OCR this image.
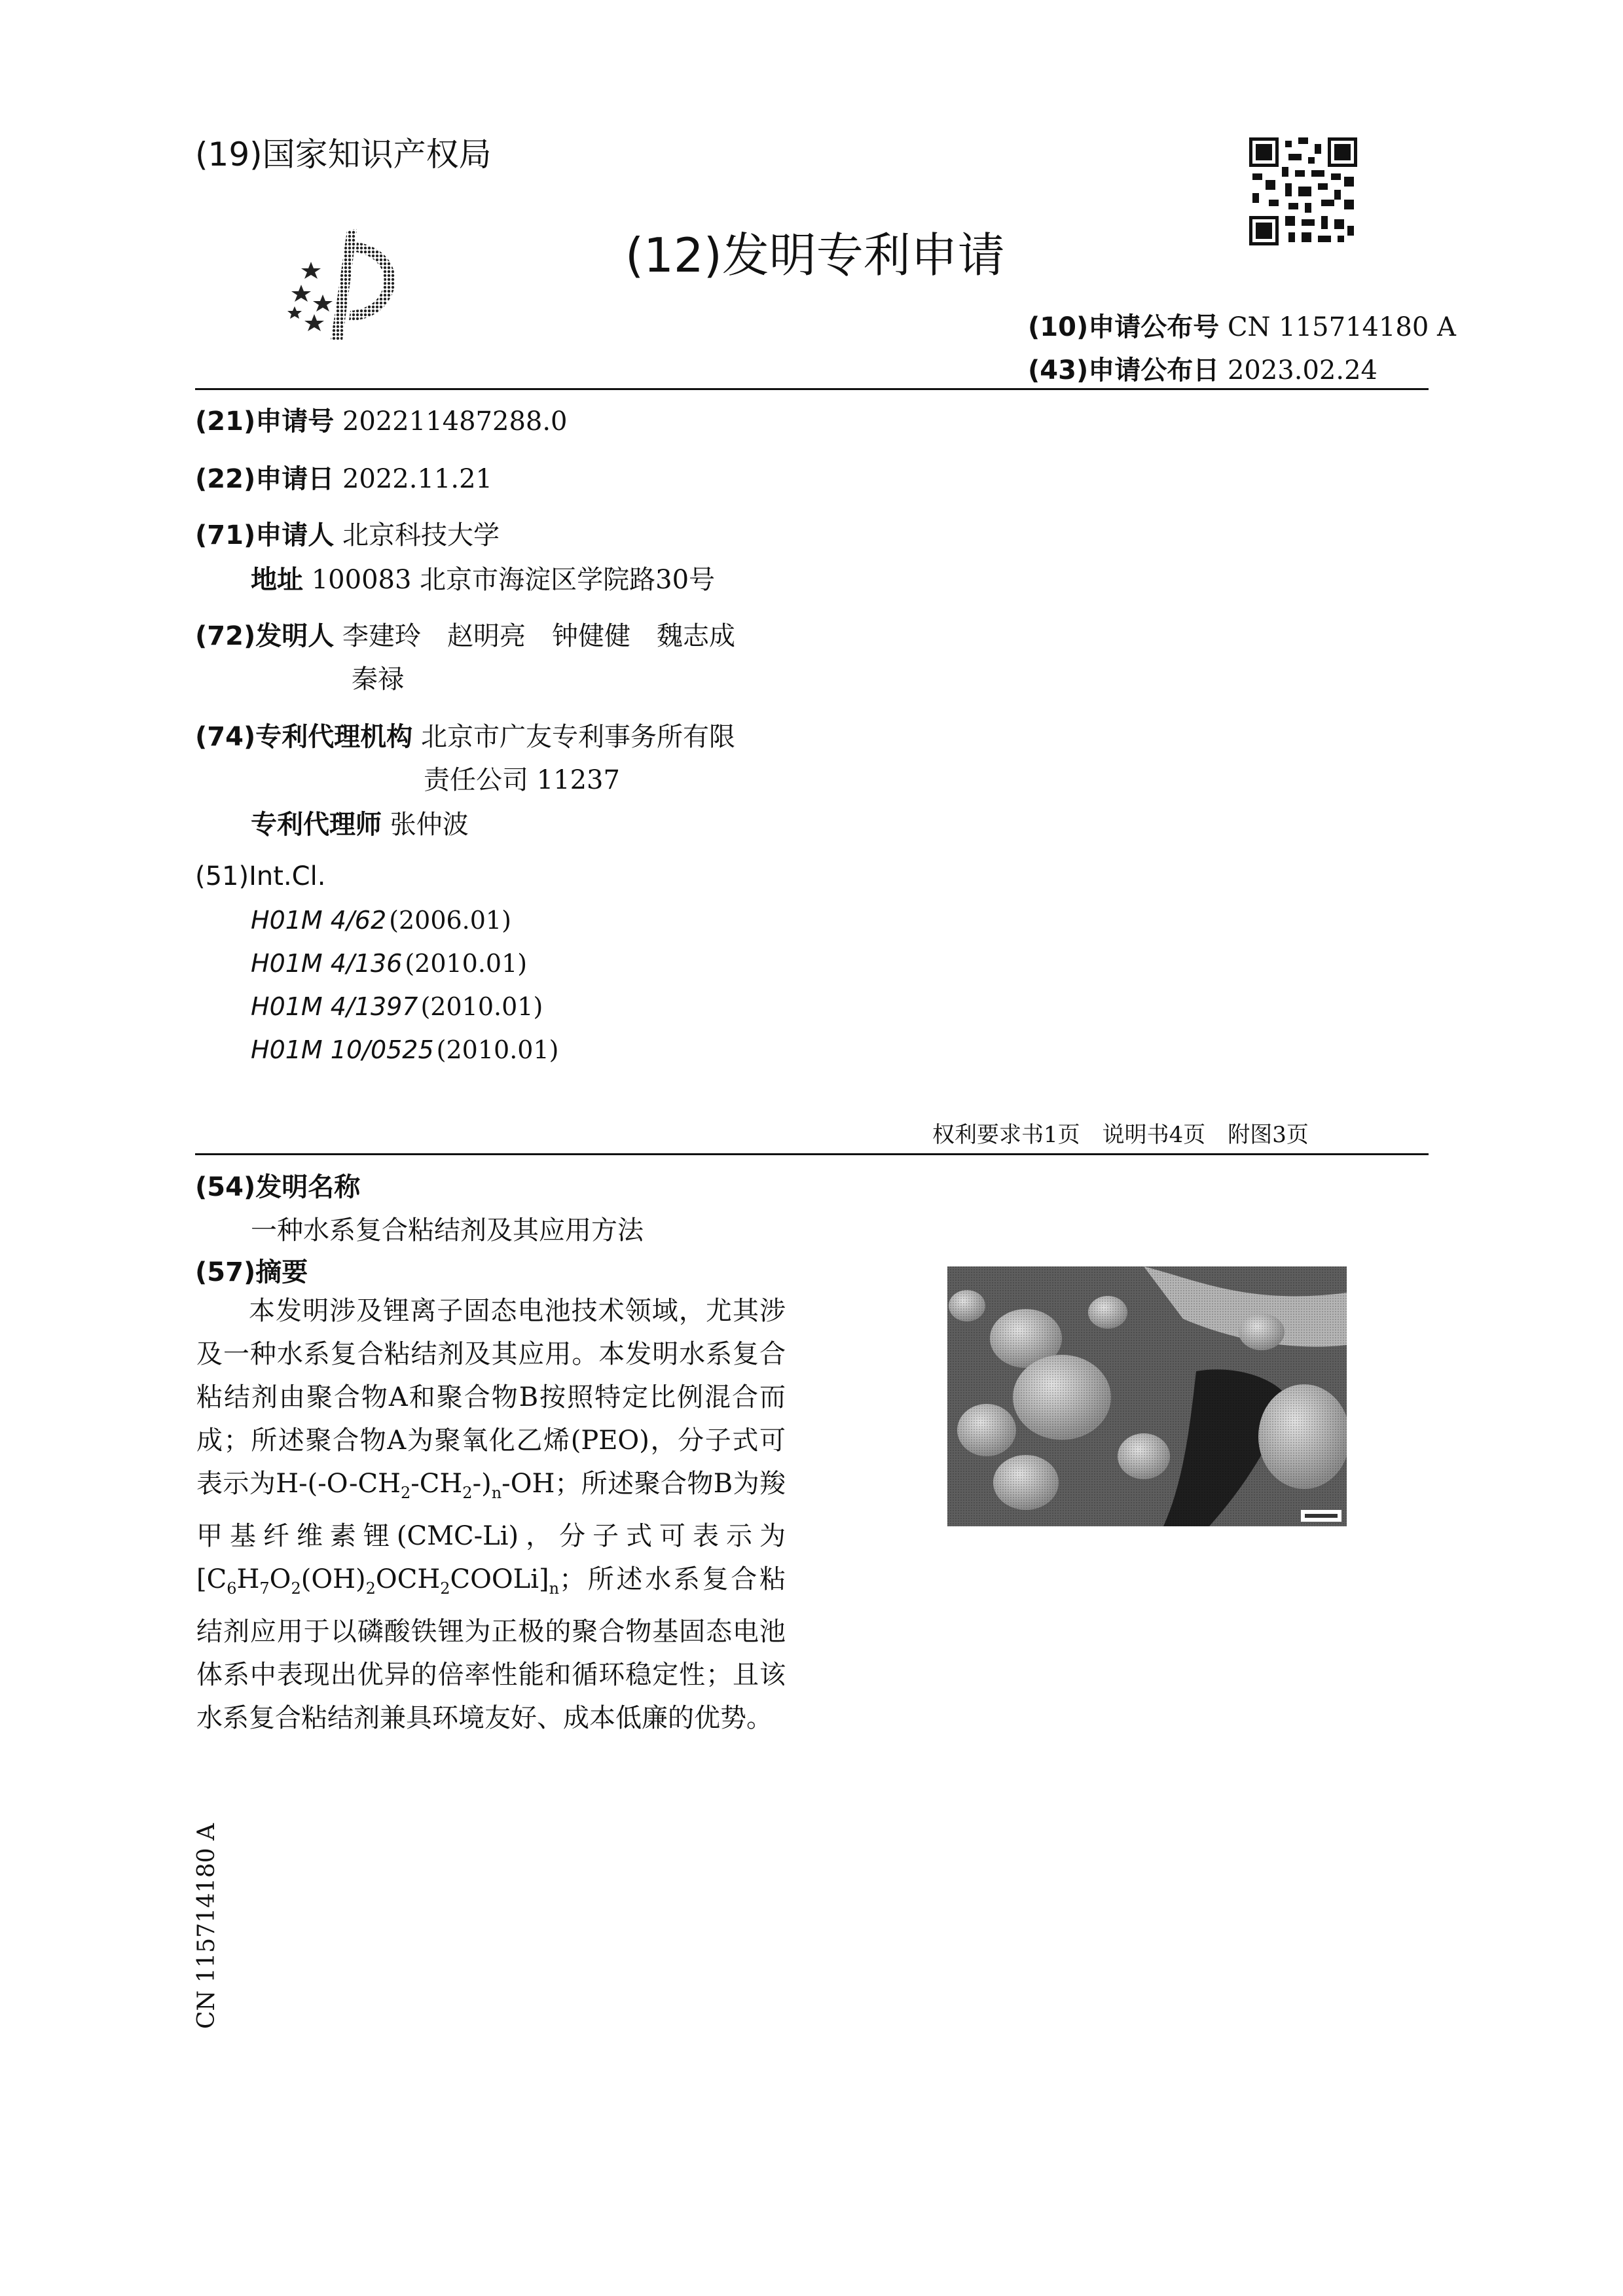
(19)国家知识产权局
(12)发明专利申请
(10)申请公布号 CN 115714180 A
(43)申请公布日 2023.02.24
(21)申请号 202211487288.0
(22)申请日 2022.11.21
(71)申请人 北京科技大学
地址 100083 北京市海淀区学院路30号
(72)发明人 李建玲　赵明亮　钟健健　魏志成
秦禄
(74)专利代理机构 北京市广友专利事务所有限
责任公司 11237
专利代理师 张仲波
(51)Int.Cl.
H01M 4/62 (2006.01)
H01M 4/136 (2010.01)
H01M 4/1397 (2010.01)
H01M 10/0525 (2010.01)
权利要求书1页　说明书4页　附图3页
(54)发明名称
一种水系复合粘结剂及其应用方法
(57)摘要
本发明涉及锂离子固态电池技术领域，尤其涉及一种水系复合粘结剂及其应用。本发明水系复合粘结剂由聚合物A和聚合物B按照特定比例混合而成；所述聚合物A为聚氧化乙烯(PEO)，分子式可表示为$H-(-O-CH_2-CH_2-)_n-OH$；所述聚合物B为羧甲基纤维素锂(CMC-Li)，分子式可表示为$[C_6H_7O_2(OH)_2OCH_2COOLi]_n$；所述水系复合粘结剂应用于以磷酸铁锂为正极的聚合物基固态电池体系中表现出优异的倍率性能和循环稳定性；且该水系复合粘结剂兼具环境友好、成本低廉的优势。
CN 115714180 A
